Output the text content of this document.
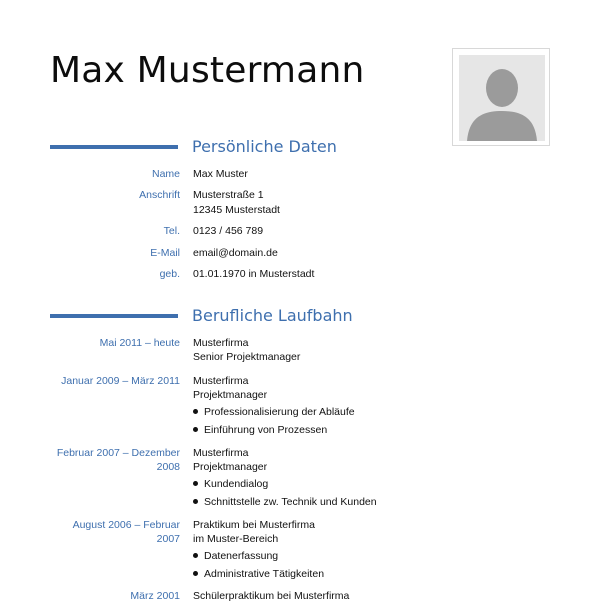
Max Mustermann
Persönliche Daten
Name Max Muster
Anschrift Musterstraße 1
12345 Musterstadt
Tel. 0123 / 456 789
E-Mail email@domain.de
geb. 01.01.1970 in Musterstadt
Berufliche Laufbahn
Mai 2011 – heute Musterfirma
Senior Projektmanager
Januar 2009 – März 2011 Musterfirma
Projektmanager
Professionalisierung der Abläufe
Einführung von Prozessen
Februar 2007 – Dezember
2008
Musterfirma
Projektmanager
Kundendialog
Schnittstelle zw. Technik und Kunden
August 2006 – Februar
2007
Praktikum bei Musterfirma
im Muster-Bereich
Datenerfassung
Administrative Tätigkeiten
März 2001 Schülerpraktikum bei Musterfirma
